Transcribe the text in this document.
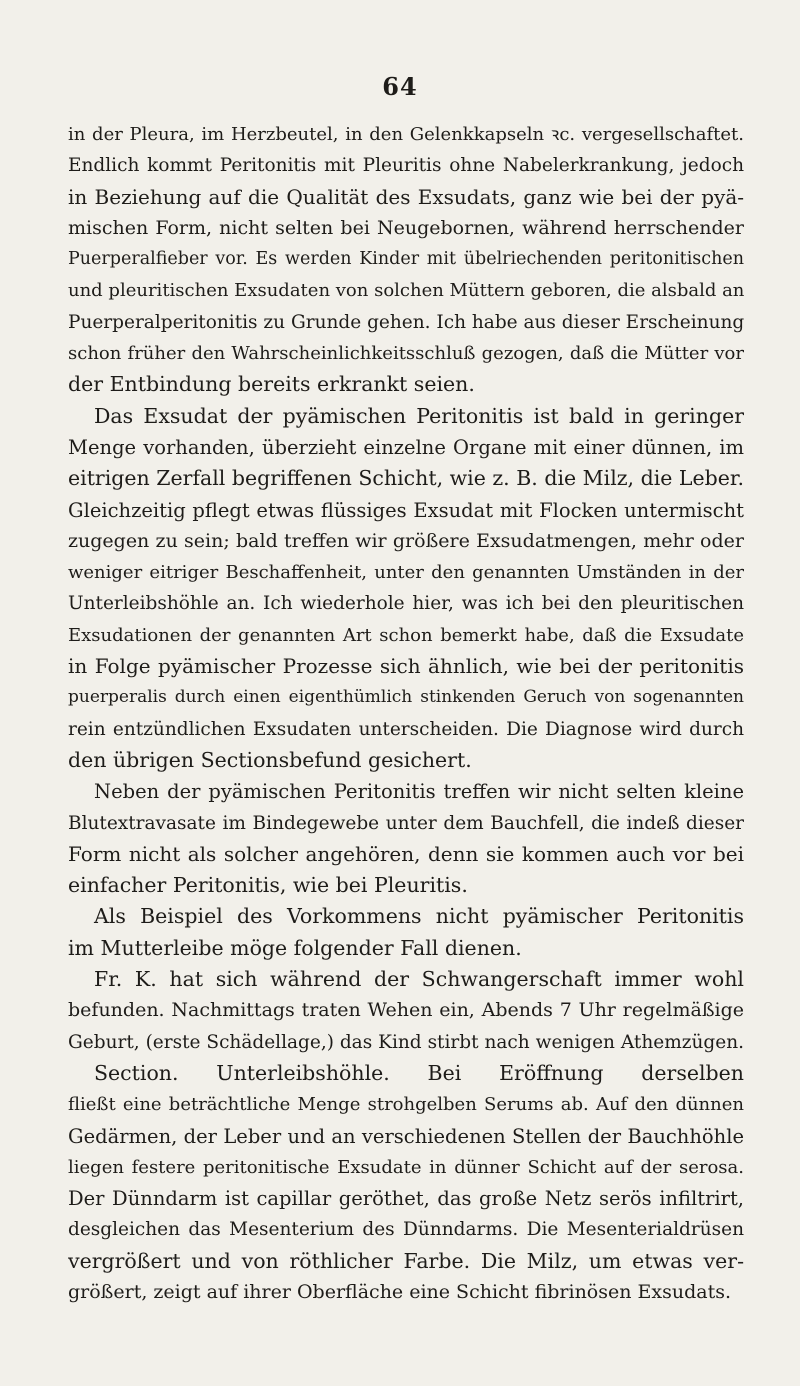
64
in der Pleura, im Herzbeutel, in den Gelenkkapseln ꝛc. vergesellschaftet.
Endlich kommt Peritonitis mit Pleuritis ohne Nabelerkrankung, jedoch
in Beziehung auf die Qualität des Exsudats, ganz wie bei der pyä-
mischen Form, nicht selten bei Neugebornen, während herrschender
Puerperalfieber vor. Es werden Kinder mit übelriechenden peritonitischen
und pleuritischen Exsudaten von solchen Müttern geboren, die alsbald an
Puerperalperitonitis zu Grunde gehen. Ich habe aus dieser Erscheinung
schon früher den Wahrscheinlichkeitsschluß gezogen, daß die Mütter vor
der Entbindung bereits erkrankt seien.
Das Exsudat der pyämischen Peritonitis ist bald in geringer
Menge vorhanden, überzieht einzelne Organe mit einer dünnen, im
eitrigen Zerfall begriffenen Schicht, wie z. B. die Milz, die Leber.
Gleichzeitig pflegt etwas flüssiges Exsudat mit Flocken untermischt
zugegen zu sein; bald treffen wir größere Exsudatmengen, mehr oder
weniger eitriger Beschaffenheit, unter den genannten Umständen in der
Unterleibshöhle an. Ich wiederhole hier, was ich bei den pleuritischen
Exsudationen der genannten Art schon bemerkt habe, daß die Exsudate
in Folge pyämischer Prozesse sich ähnlich, wie bei der peritonitis
puerperalis durch einen eigenthümlich stinkenden Geruch von sogenannten
rein entzündlichen Exsudaten unterscheiden. Die Diagnose wird durch
den übrigen Sectionsbefund gesichert.
Neben der pyämischen Peritonitis treffen wir nicht selten kleine
Blutextravasate im Bindegewebe unter dem Bauchfell, die indeß dieser
Form nicht als solcher angehören, denn sie kommen auch vor bei
einfacher Peritonitis, wie bei Pleuritis.
Als Beispiel des Vorkommens nicht pyämischer Peritonitis
im Mutterleibe möge folgender Fall dienen.
Fr. K. hat sich während der Schwangerschaft immer wohl
befunden. Nachmittags traten Wehen ein, Abends 7 Uhr regelmäßige
Geburt, (erste Schädellage,) das Kind stirbt nach wenigen Athemzügen.
Section. Unterleibshöhle. Bei Eröffnung derselben
fließt eine beträchtliche Menge strohgelben Serums ab. Auf den dünnen
Gedärmen, der Leber und an verschiedenen Stellen der Bauchhöhle
liegen festere peritonitische Exsudate in dünner Schicht auf der serosa.
Der Dünndarm ist capillar geröthet, das große Netz serös infiltrirt,
desgleichen das Mesenterium des Dünndarms. Die Mesenterialdrüsen
vergrößert und von röthlicher Farbe. Die Milz, um etwas ver-
größert, zeigt auf ihrer Oberfläche eine Schicht fibrinösen Exsudats.
